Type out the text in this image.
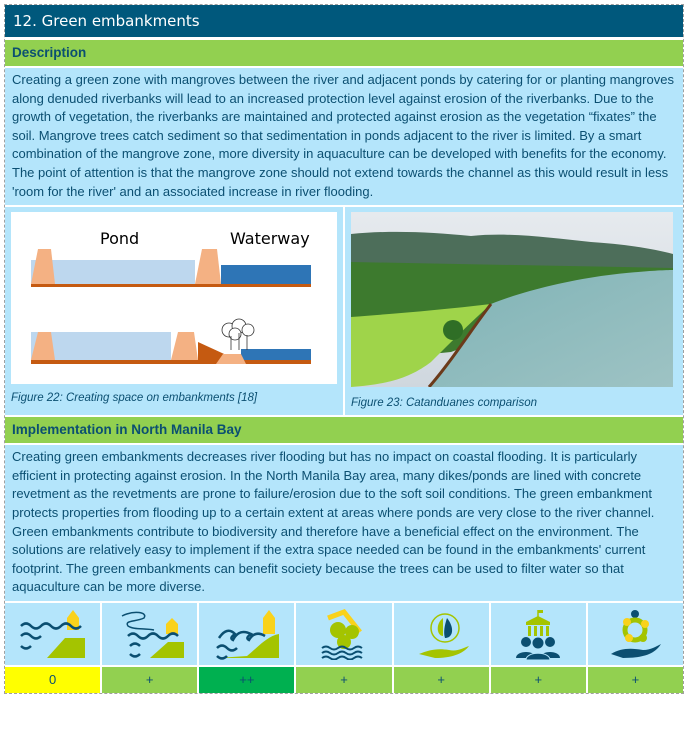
12. Green embankments
Description
Creating a green zone with mangroves between the river and adjacent ponds by catering for or planting mangroves along denuded riverbanks will lead to an increased protection level against erosion of the riverbanks. Due to the growth of vegetation, the riverbanks are maintained and protected against erosion as the vegetation “fixates” the soil. Mangrove trees catch sediment so that sedimentation in ponds adjacent to the river is limited. By a smart combination of the mangrove zone, more diversity in aquaculture can be developed with benefits for the economy. The point of attention is that the mangrove zone should not extend towards the channel as this would result in less 'room for the river' and an associated increase in river flooding.
Pond	Waterway
Figure 22: Creating space on embankments [18]	Figure 23: Catanduanes comparison
Implementation in North Manila Bay
Creating green embankments decreases river flooding but has no impact on coastal flooding. It is particularly efficient in protecting against erosion. In the North Manila Bay area, many dikes/ponds are lined with concrete revetment as the revetments are prone to failure/erosion due to the soft soil conditions. The green embankment protects properties from flooding up to a certain extent at areas where ponds are very close to the river channel. Green embankments contribute to biodiversity and therefore have a beneficial effect on the environment. The solutions are relatively easy to implement if the extra space needed can be found in the embankments' current footprint. The green embankments can benefit society because the trees can be used to filter water so that aquaculture can be more diverse.
0	+	++	+	+	+	+
